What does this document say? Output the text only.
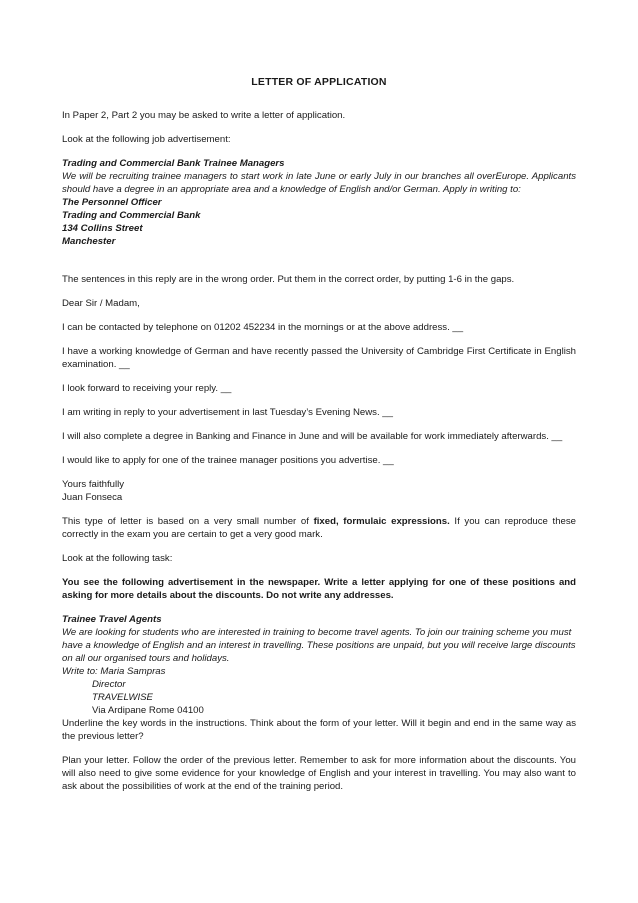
LETTER OF APPLICATION

In Paper 2, Part 2 you may be asked to write a letter of application.

Look at the following job advertisement:

Trading and Commercial Bank Trainee Managers

We will be recruiting trainee managers to start work in late June or early July in our branches all overEurope. Applicants should have a degree in an appropriate area and a knowledge of English and/or German. Apply in writing to:

The Personnel Officer

Trading and Commercial Bank

134 Collins Street

Manchester

The sentences in this reply are in the wrong order. Put them in the correct order, by putting 1-6 in the gaps.

Dear Sir / Madam,

I can be contacted by telephone on 01202 452234 in the mornings or at the above address. __

I have a working knowledge of German and have recently passed the University of Cambridge First Certificate in English examination. __

I look forward to receiving your reply. __

I am writing in reply to your advertisement in last Tuesday’s Evening News. __

I will also complete a degree in Banking and Finance in June and will be available for work immediately afterwards. __

I would like to apply for one of the trainee manager positions you advertise. __

Yours faithfully

Juan Fonseca

This type of letter is based on a very small number of fixed, formulaic expressions. If you can reproduce these correctly in the exam you are certain to get a very good mark.

Look at the following task:

You see the following advertisement in the newspaper. Write a letter applying for one of these positions and asking for more details about the discounts. Do not write any addresses.

Trainee Travel Agents

We are looking for students who are interested in training to become travel agents. To join our training scheme you must have a knowledge of English and an interest in travelling. These positions are unpaid, but you will receive large discounts on all our organised tours and holidays.

Write to: Maria Sampras

Director

TRAVELWISE

Via Ardipane Rome 04100

Underline the key words in the instructions. Think about the form of your letter. Will it begin and end in the same way as the previous letter?

Plan your letter. Follow the order of the previous letter. Remember to ask for more information about the discounts. You will also need to give some evidence for your knowledge of English and your interest in travelling. You may also want to ask about the possibilities of work at the end of the training period.
